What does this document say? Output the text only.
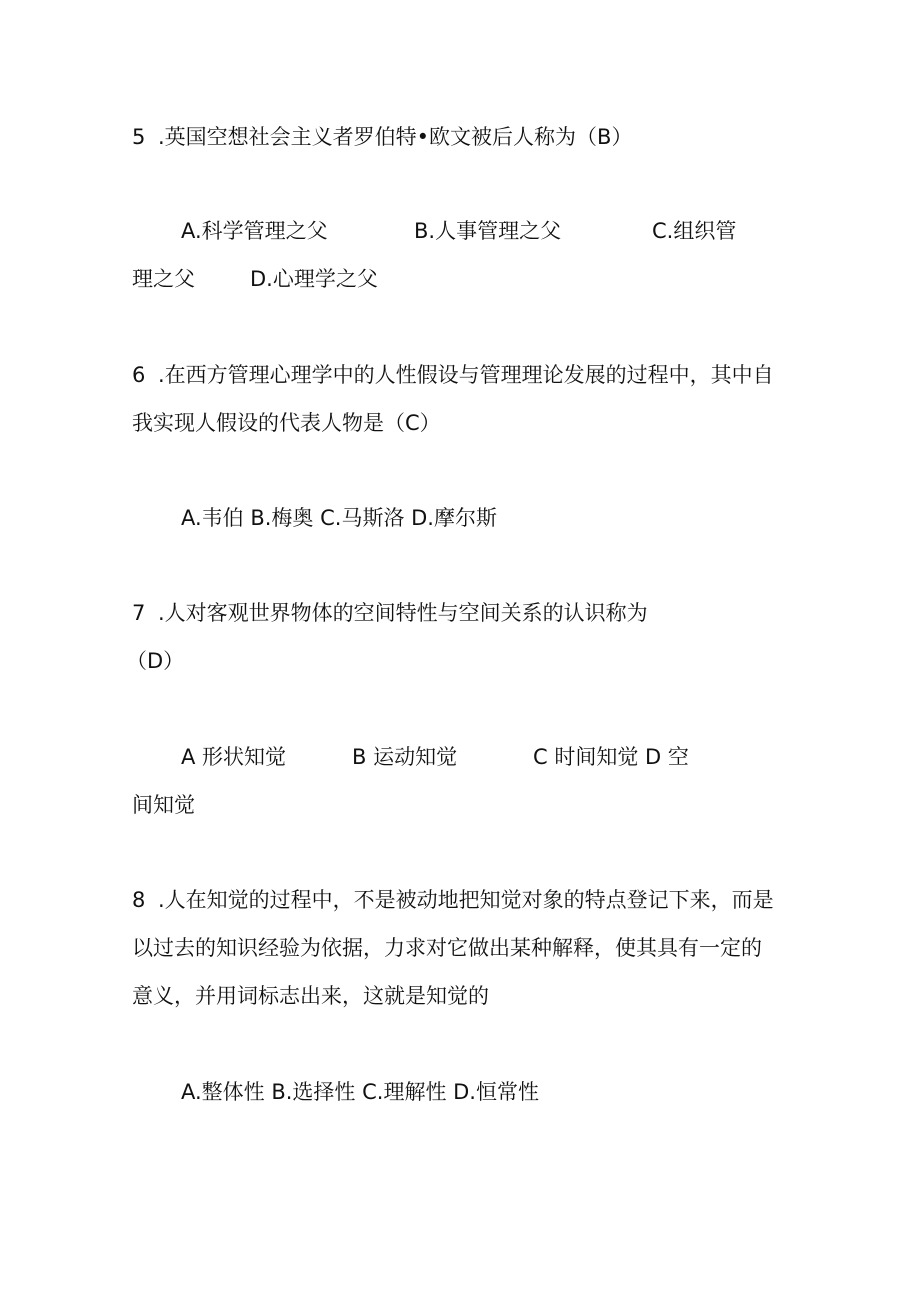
5 .英国空想社会主义者罗伯特•欧文被后人称为（B）
A.科学管理之父	B.人事管理之父	C.组织管
理之父	D.心理学之父
6 .在西方管理心理学中的人性假设与管理理论发展的过程中，其中自
我实现人假设的代表人物是（C）
A.韦伯 B.梅奥 C.马斯洛 D.摩尔斯
7 .人对客观世界物体的空间特性与空间关系的认识称为
（D）
A 形状知觉	B 运动知觉	C 时间知觉 D 空
间知觉
8 .人在知觉的过程中，不是被动地把知觉对象的特点登记下来，而是
以过去的知识经验为依据，力求对它做出某种解释，使其具有一定的
意义，并用词标志出来，这就是知觉的
A.整体性 B.选择性 C.理解性 D.恒常性
